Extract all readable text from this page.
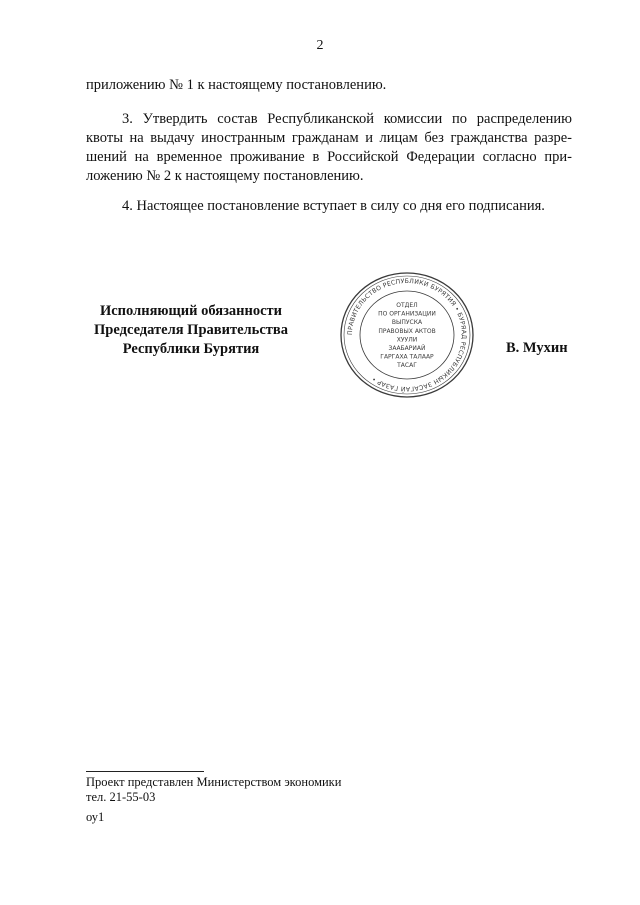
2
приложению № 1 к настоящему постановлению.
3. Утвердить состав Республиканской комиссии по распределению
квоты на выдачу иностранным гражданам и лицам без гражданства разре-
шений на временное проживание в Российской Федерации согласно при-
ложению № 2 к настоящему постановлению.
4. Настоящее постановление вступает в силу со дня его подписания.
Исполняющий обязанности
Председателя Правительства
Республики Бурятия
ПРАВИТЕЛЬСТВО РЕСПУБЛИКИ БУРЯТИЯ • БУРЯАД РЕСПУБЛИКЫН ЗАСАГАЙ ГАЗАР •
ОТДЕЛ
ПО ОРГАНИЗАЦИИ
ВЫПУСКА
ПРАВОВЫХ АКТОВ
ХУУЛИ
ЗААБАРИАЙ
ГАРГАХА ТАЛААР
ТАСАГ
В. Мухин
Проект представлен Министерством экономики
тел. 21-55-03
оу1
